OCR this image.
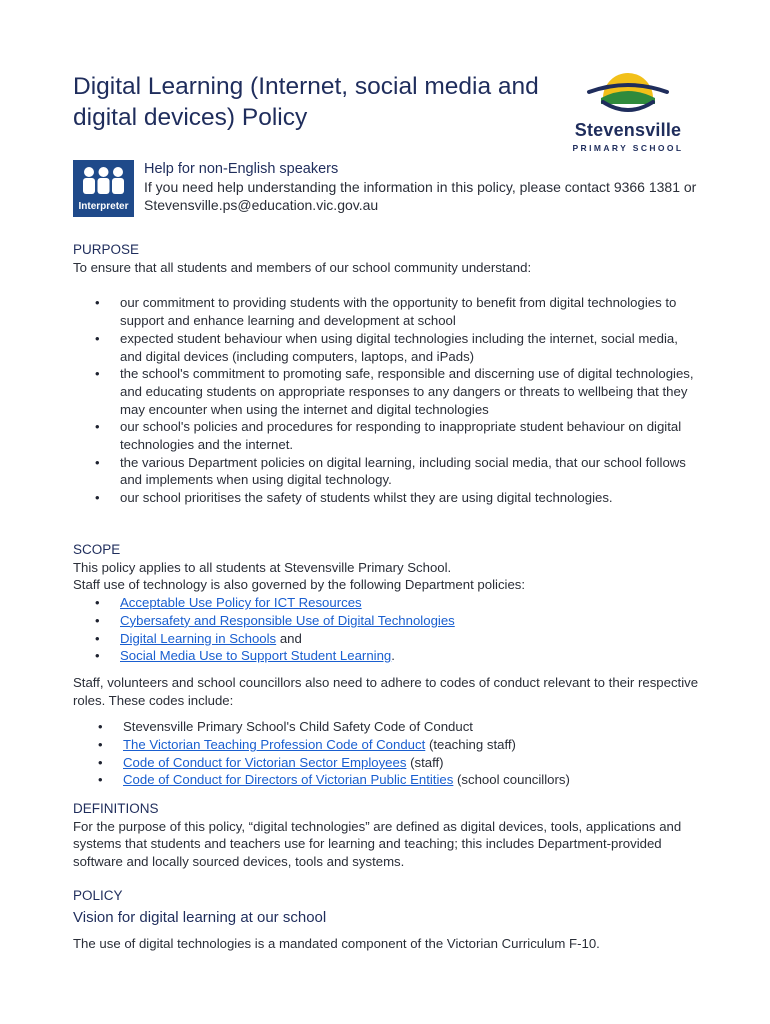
Digital Learning (Internet, social media and digital devices) Policy	Stevensville
PRIMARY SCHOOL
Interpreter
Help for non-English speakers
If you need help understanding the information in this policy, please contact 9366 1381 or Stevensville.ps@education.vic.gov.au
PURPOSE
To ensure that all students and members of our school community understand:
• our commitment to providing students with the opportunity to benefit from digital technologies to support and enhance learning and development at school
• expected student behaviour when using digital technologies including the internet, social media, and digital devices (including computers, laptops, and iPads)
• the school's commitment to promoting safe, responsible and discerning use of digital technologies, and educating students on appropriate responses to any dangers or threats to wellbeing that they may encounter when using the internet and digital technologies
• our school's policies and procedures for responding to inappropriate student behaviour on digital technologies and the internet.
• the various Department policies on digital learning, including social media, that our school follows and implements when using digital technology.
• our school prioritises the safety of students whilst they are using digital technologies.
SCOPE
This policy applies to all students at Stevensville Primary School.
Staff use of technology is also governed by the following Department policies:
• Acceptable Use Policy for ICT Resources
• Cybersafety and Responsible Use of Digital Technologies
• Digital Learning in Schools and
• Social Media Use to Support Student Learning.
Staff, volunteers and school councillors also need to adhere to codes of conduct relevant to their respective roles. These codes include:
• Stevensville Primary School's Child Safety Code of Conduct
• The Victorian Teaching Profession Code of Conduct (teaching staff)
• Code of Conduct for Victorian Sector Employees (staff)
• Code of Conduct for Directors of Victorian Public Entities (school councillors)
DEFINITIONS
For the purpose of this policy, “digital technologies” are defined as digital devices, tools, applications and systems that students and teachers use for learning and teaching; this includes Department-provided software and locally sourced devices, tools and systems.
POLICY
Vision for digital learning at our school
The use of digital technologies is a mandated component of the Victorian Curriculum F-10.
